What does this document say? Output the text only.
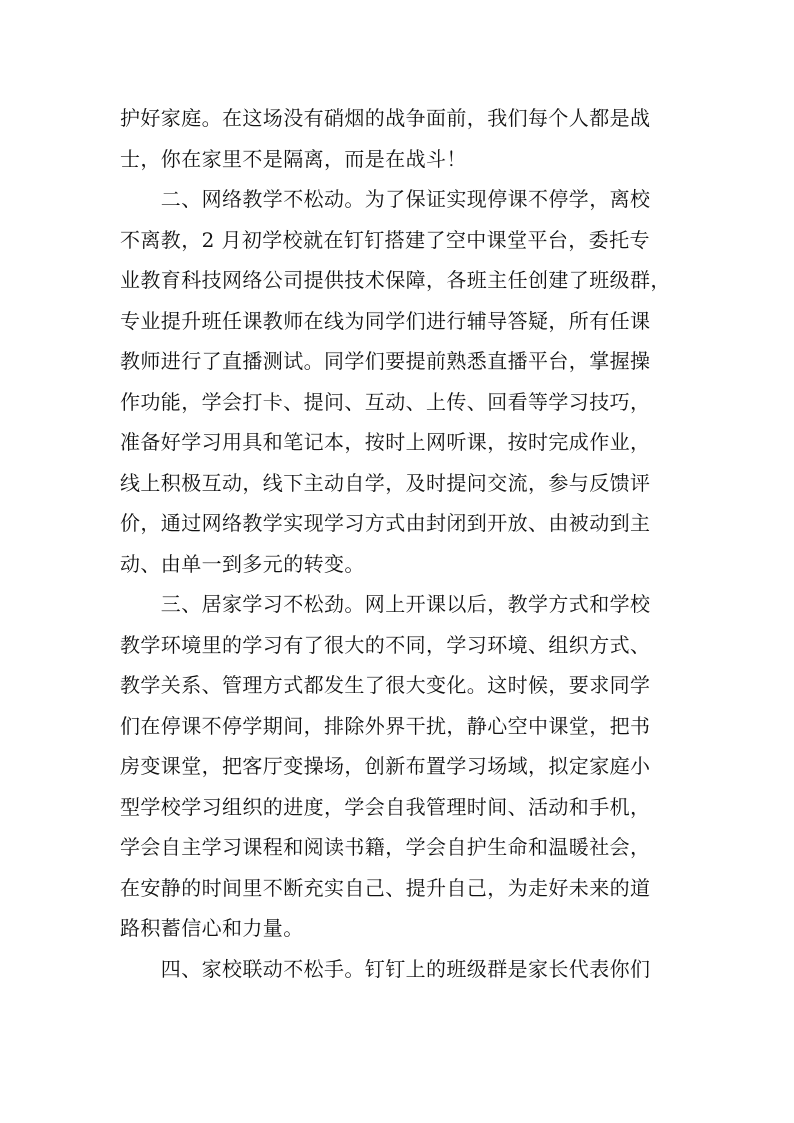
护好家庭。在这场没有硝烟的战争面前，我们每个人都是战
士，你在家里不是隔离，而是在战斗！
　　二、网络教学不松动。为了保证实现停课不停学，离校
不离教，2 月初学校就在钉钉搭建了空中课堂平台，委托专
业教育科技网络公司提供技术保障，各班主任创建了班级群，
专业提升班任课教师在线为同学们进行辅导答疑，所有任课
教师进行了直播测试。同学们要提前熟悉直播平台，掌握操
作功能，学会打卡、提问、互动、上传、回看等学习技巧，
准备好学习用具和笔记本，按时上网听课，按时完成作业，
线上积极互动，线下主动自学，及时提问交流，参与反馈评
价，通过网络教学实现学习方式由封闭到开放、由被动到主
动、由单一到多元的转变。
　　三、居家学习不松劲。网上开课以后，教学方式和学校
教学环境里的学习有了很大的不同，学习环境、组织方式、
教学关系、管理方式都发生了很大变化。这时候，要求同学
们在停课不停学期间，排除外界干扰，静心空中课堂，把书
房变课堂，把客厅变操场，创新布置学习场域，拟定家庭小
型学校学习组织的进度，学会自我管理时间、活动和手机，
学会自主学习课程和阅读书籍，学会自护生命和温暖社会，
在安静的时间里不断充实自己、提升自己，为走好未来的道
路积蓄信心和力量。
　　四、家校联动不松手。钉钉上的班级群是家长代表你们
